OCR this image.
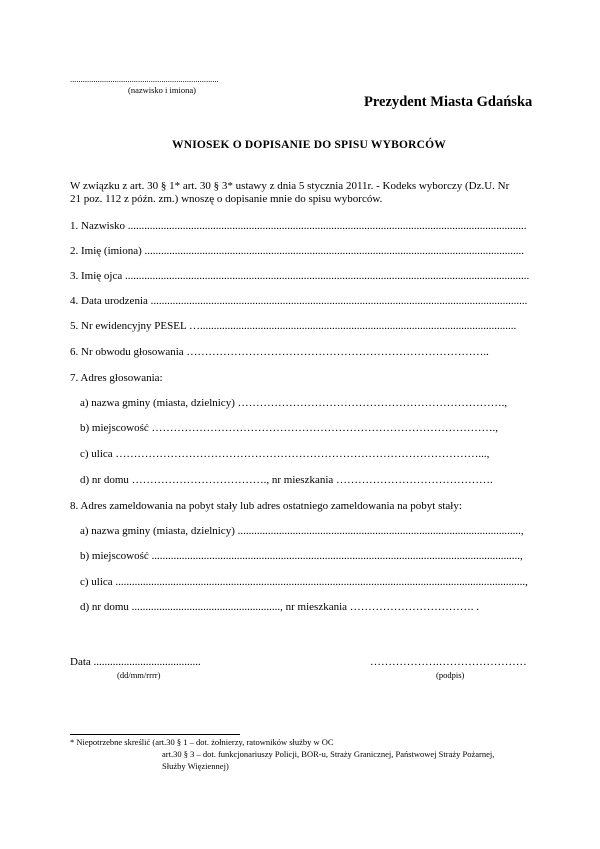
......................................................................
(nazwisko i imiona)
Prezydent Miasta Gdańska
WNIOSEK O DOPISANIE DO SPISU WYBORCÓW
W związku z art. 30 § 1* art. 30 § 3* ustawy z dnia 5 stycznia 2011r. - Kodeks wyborczy (Dz.U. Nr
21 poz. 112 z późn. zm.) wnoszę o dopisanie mnie do spisu wyborców.
1. Nazwisko .................................................................................................................................................
2. Imię (imiona) ..........................................................................................................................................
3. Imię ojca ...................................................................................................................................................
4. Data urodzenia .........................................................................................................................................
5. Nr ewidencyjny PESEL …...................................................................................................................
6. Nr obwodu głosowania ………………………………………………………………………..
7. Adres głosowania:
a) nazwa gminy (miasta, dzielnicy) ……………………………………………………………….,
b) miejscowość ………………………………………………………………………………….,
c) ulica ………………………………………………………………………………………...,
d) nr domu ………………………………., nr mieszkania …………………………………….
8. Adres zameldowania na pobyt stały lub adres ostatniego zameldowania na pobyt stały:
a) nazwa gminy (miasta, dzielnicy) .......................................................................................................,
b) miejscowość ......................................................................................................................................,
c) ulica .....................................................................................................................................................,
d) nr domu ......................................................, nr mieszkania ……………………………. .
Data .......................................
(dd/mm/rrrr)
……………….……………………
(podpis)
* Niepotrzebne skreślić (art.30 § 1 – dot. żołnierzy, ratowników służby w OC
art.30 § 3 – dot. funkcjonariuszy Policji, BOR-u, Straży Granicznej, Państwowej Straży Pożarnej,
Służby Więziennej)
